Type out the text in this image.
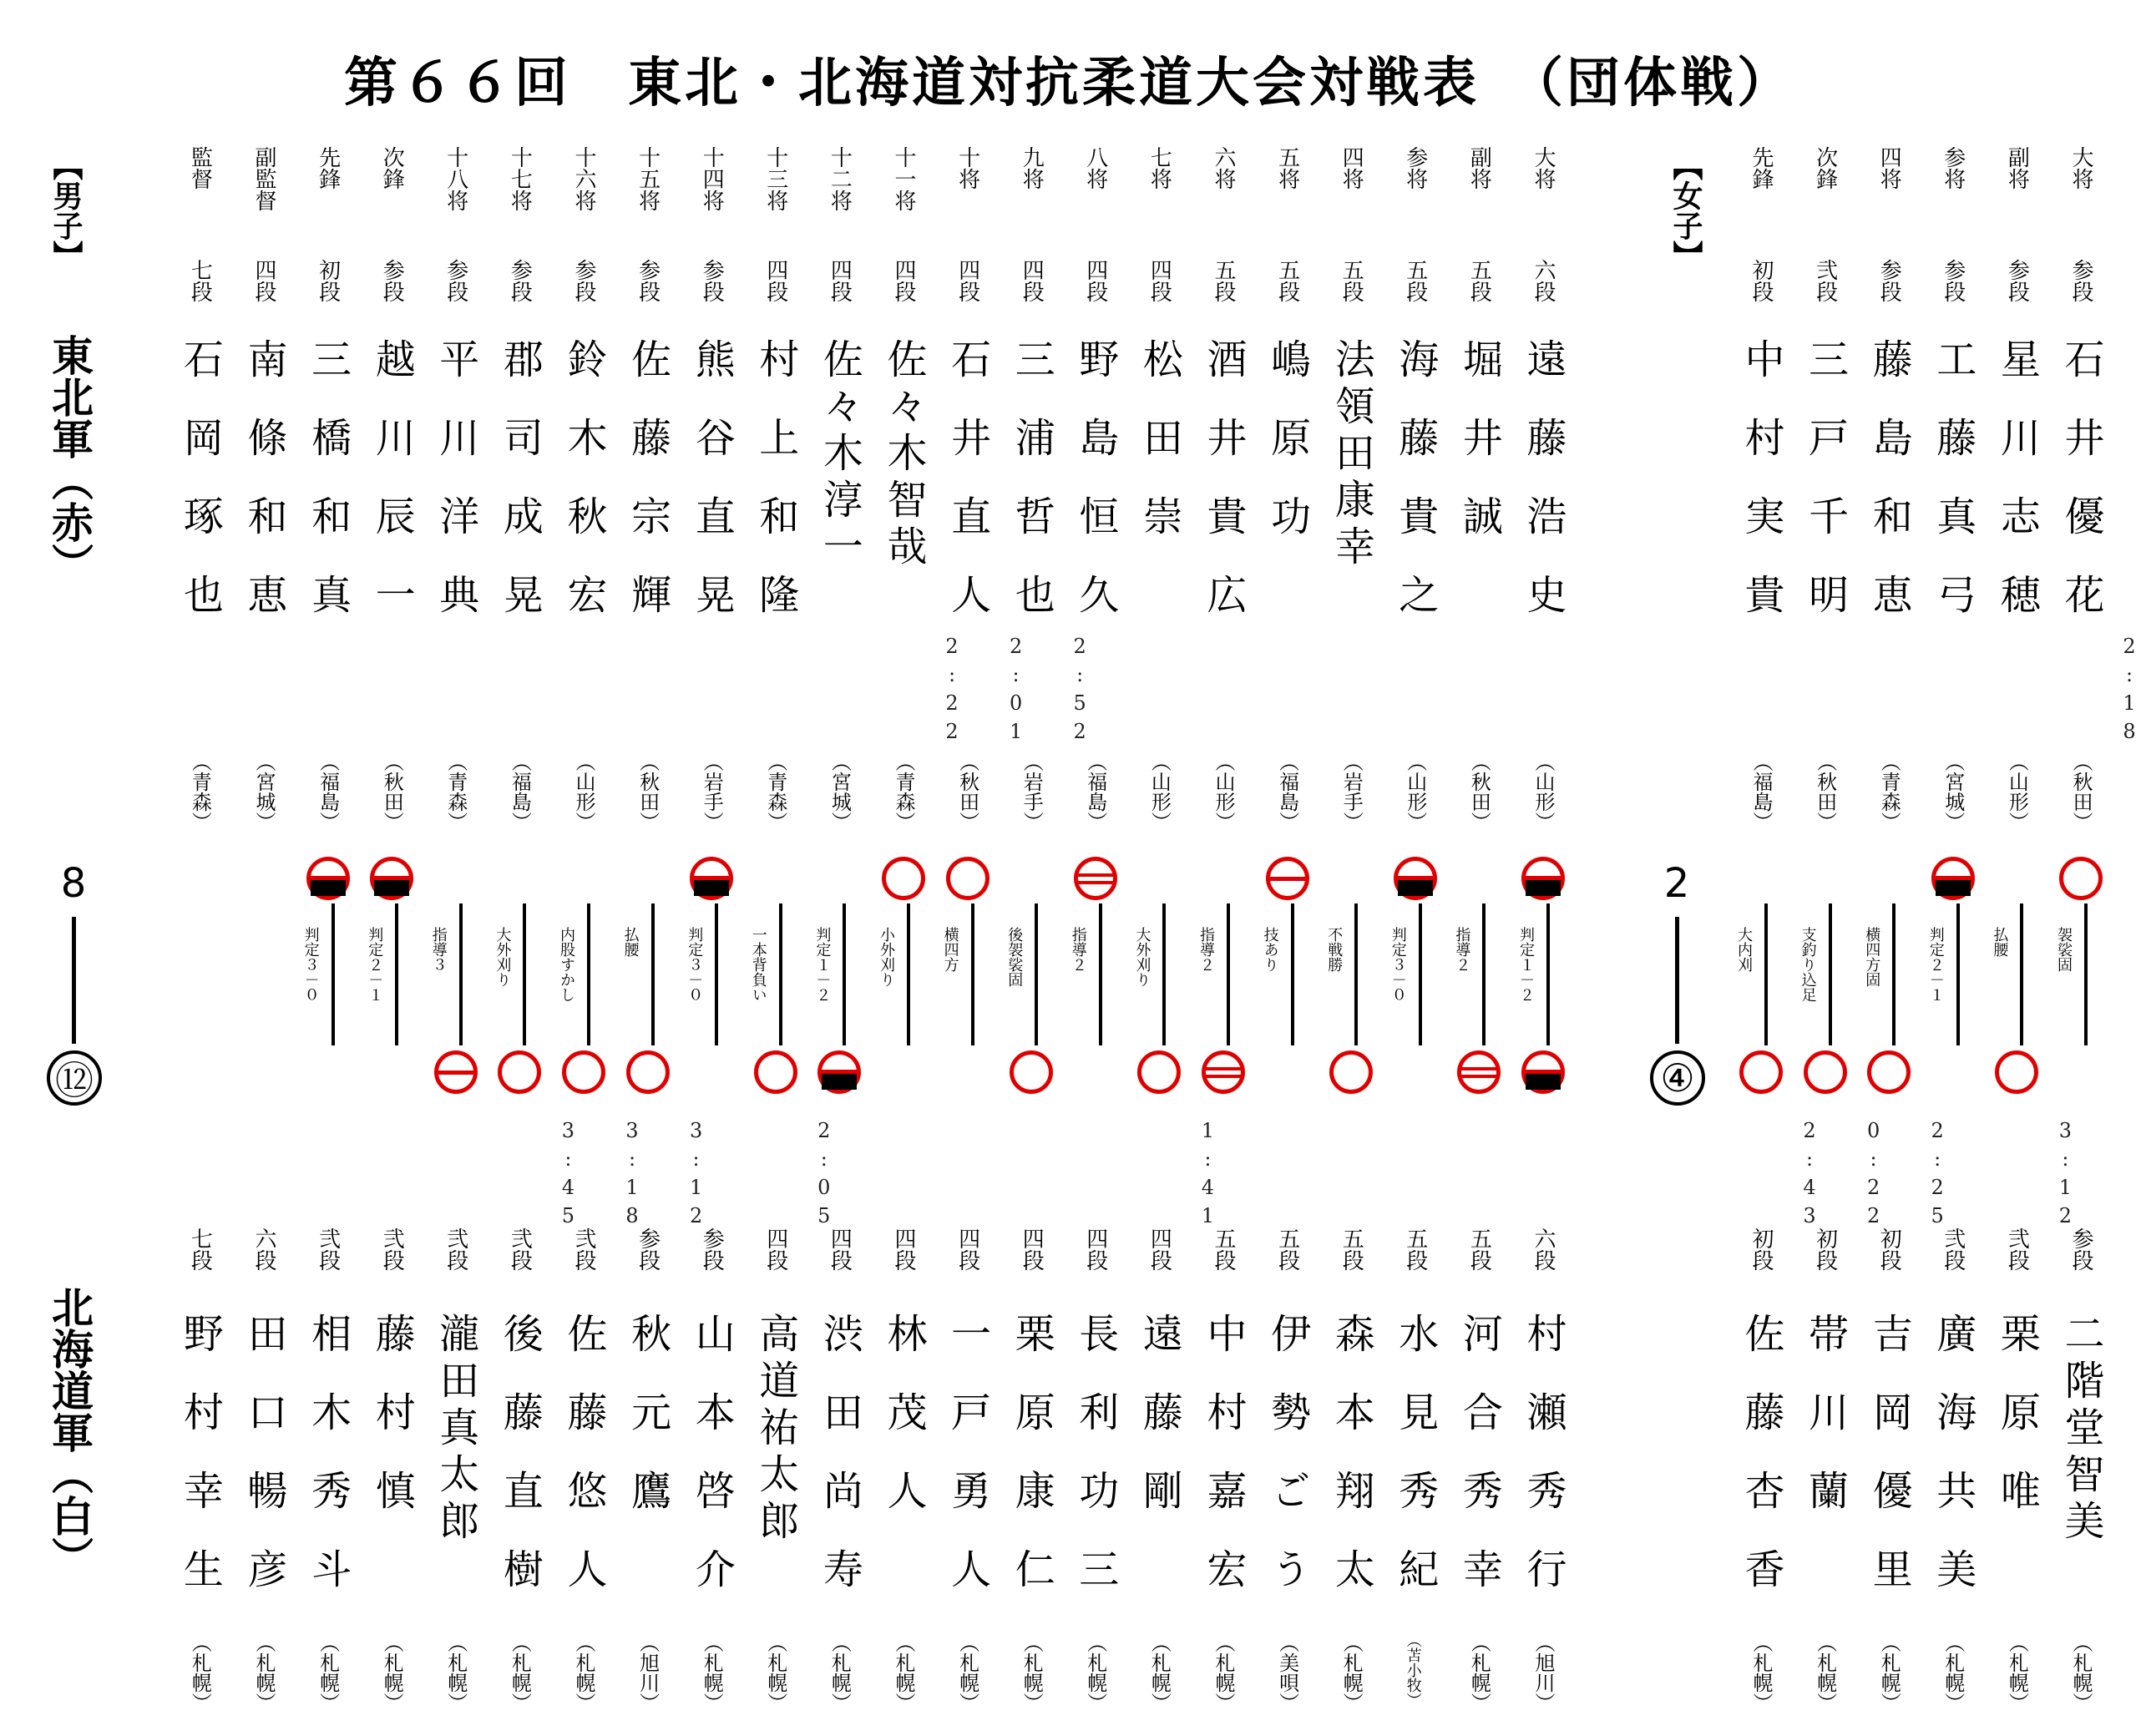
第６６回　東北・北海道対抗柔道大会対戦表　（団体戦）
【男子】
東北軍（赤）
北海道軍（白）
8
⑫
【女子】
2
④
大将
六段
遠藤浩史
（山形）
六段
村瀬秀行
（旭川）
判定１－２
副将
五段
堀井誠
（秋田）
五段
河合秀幸
（札幌）
指導２
参将
五段
海藤貴之
（山形）
五段
水見秀紀
（苫小牧）
判定３－０
四将
五段
法領田康幸
（岩手）
五段
森本翔太
（札幌）
不戦勝
五将
五段
嶋原功
（福島）
五段
伊勢ごう
（美唄）
技あり
六将
五段
酒井貴広
（山形）
五段
中村嘉宏
（札幌）
指導２
七将
四段
松田崇
（山形）
1:41
四段
遠藤剛
（札幌）
大外刈り
八将
四段
野島恒久
（福島）
四段
長利功三
（札幌）
指導２
九将
四段
三浦哲也
2:52
（岩手）
四段
栗原康仁
（札幌）
後袈裟固
十将
四段
石井直人
2:01
（秋田）
四段
一戸勇人
（札幌）
横四方
十一将
四段
佐々木智哉
2:22
（青森）
四段
林茂人
（札幌）
小外刈り
十二将
四段
佐々木淳一
（宮城）
四段
渋田尚寿
（札幌）
判定１－２
十三将
四段
村上和隆
（青森）
2:05
四段
高道祐太郎
（札幌）
一本背負い
十四将
参段
熊谷直晃
（岩手）
参段
山本啓介
（札幌）
判定３－０
十五将
参段
佐藤宗輝
（秋田）
3:12
参段
秋元鷹
（旭川）
払腰
十六将
参段
鈴木秋宏
（山形）
3:18
弐段
佐藤悠人
（札幌）
内股すかし
十七将
参段
郡司成晃
（福島）
3:45
弐段
後藤直樹
（札幌）
大外刈り
十八将
参段
平川洋典
（青森）
弐段
瀧田真太郎
（札幌）
指導３
次鋒
参段
越川辰一
（秋田）
弐段
藤村慎
（札幌）
判定２－１
先鋒
初段
三橋和真
（福島）
弐段
相木秀斗
（札幌）
判定３－０
副監督
四段
南條和恵
（宮城）
六段
田口暢彦
（札幌）
監督
七段
石岡琢也
（青森）
七段
野村幸生
（札幌）
大将
参段
石井優花
2:18
（秋田）
参段
二階堂智美
（札幌）
袈裟固
副将
参段
星川志穂
（山形）
3:12
弐段
栗原唯
（札幌）
払腰
参将
参段
工藤真弓
（宮城）
弐段
廣海共美
（札幌）
判定２－１
四将
参段
藤島和恵
（青森）
2:25
初段
吉岡優里
（札幌）
横四方固
次鋒
弐段
三戸千明
（秋田）
0:22
初段
帯川蘭
（札幌）
支釣り込足
先鋒
初段
中村実貴
（福島）
2:43
初段
佐藤杏香
（札幌）
大内刈
